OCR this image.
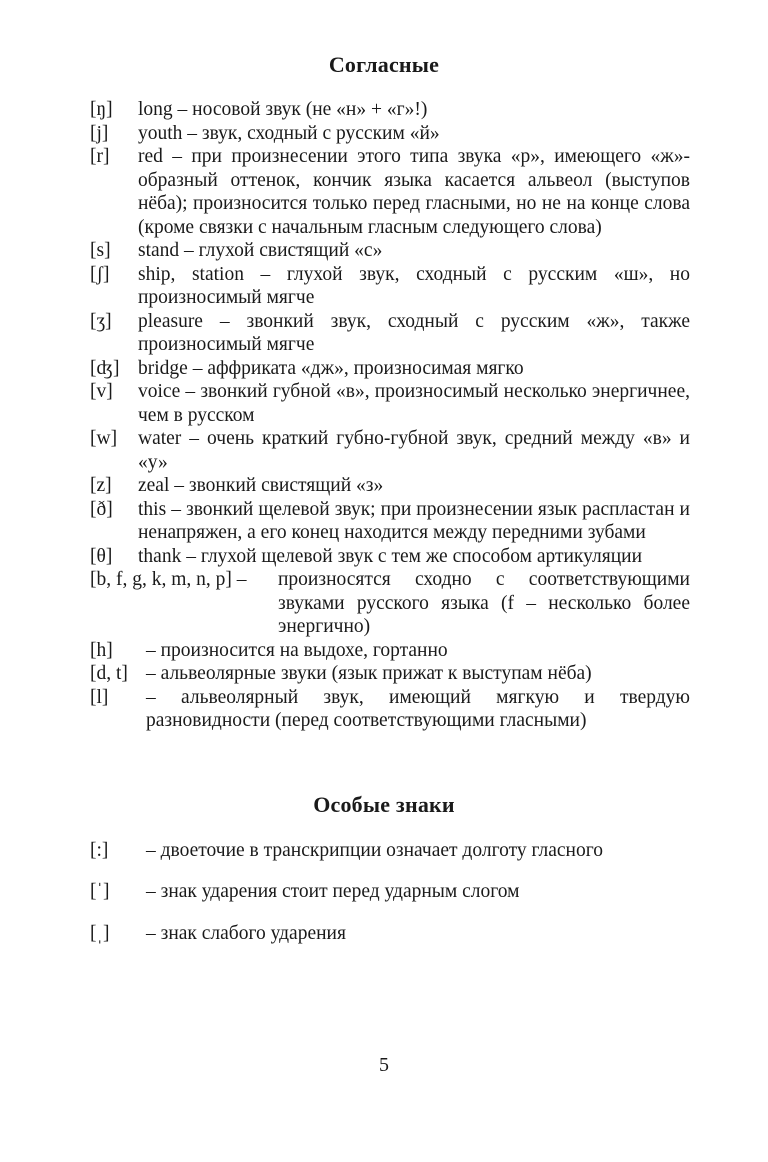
Согласные
[ŋ]	long – носовой звук (не «н» + «г»!)
[j]	youth – звук, сходный с русским «й»
[r]	red – при произнесении этого типа звука «р», имеющего «ж»-образный оттенок, кончик языка касается альвеол (выступов нёба); произносится только перед гласными, но не на конце слова (кроме связки с начальным гласным следующего слова)
[s]	stand – глухой свистящий «с»
[ʃ]	ship, station – глухой звук, сходный с русским «ш», но произносимый мягче
[ʒ]	pleasure – звонкий звук, сходный с русским «ж», также произносимый мягче
[ʤ] bridge – аффриката «дж», произносимая мягко
[v]	voice – звонкий губной «в», произносимый несколько энергичнее, чем в русском
[w]	water – очень краткий губно-губной звук, средний между «в» и «у»
[z]	zeal – звонкий свистящий «з»
[ð]	this – звонкий щелевой звук; при произнесении язык распластан и ненапряжен, а его конец находится между передними зубами
[θ]	thank – глухой щелевой звук с тем же способом артикуляции
[b, f, g, k, m, n, p] –	произносятся сходно с соответствующими звуками русского языка (f – несколько более энергично)
[h]	– произносится на выдохе, гортанно
[d, t] – альвеолярные звуки (язык прижат к выступам нёба)
[l]	– альвеолярный звук, имеющий мягкую и твердую разновидности (перед соответствующими гласными)
Особые знаки
[:]	– двоеточие в транскрипции означает долготу гласного
[ˈ]	– знак ударения стоит перед ударным слогом
[ˌ]	– знак слабого ударения
5
